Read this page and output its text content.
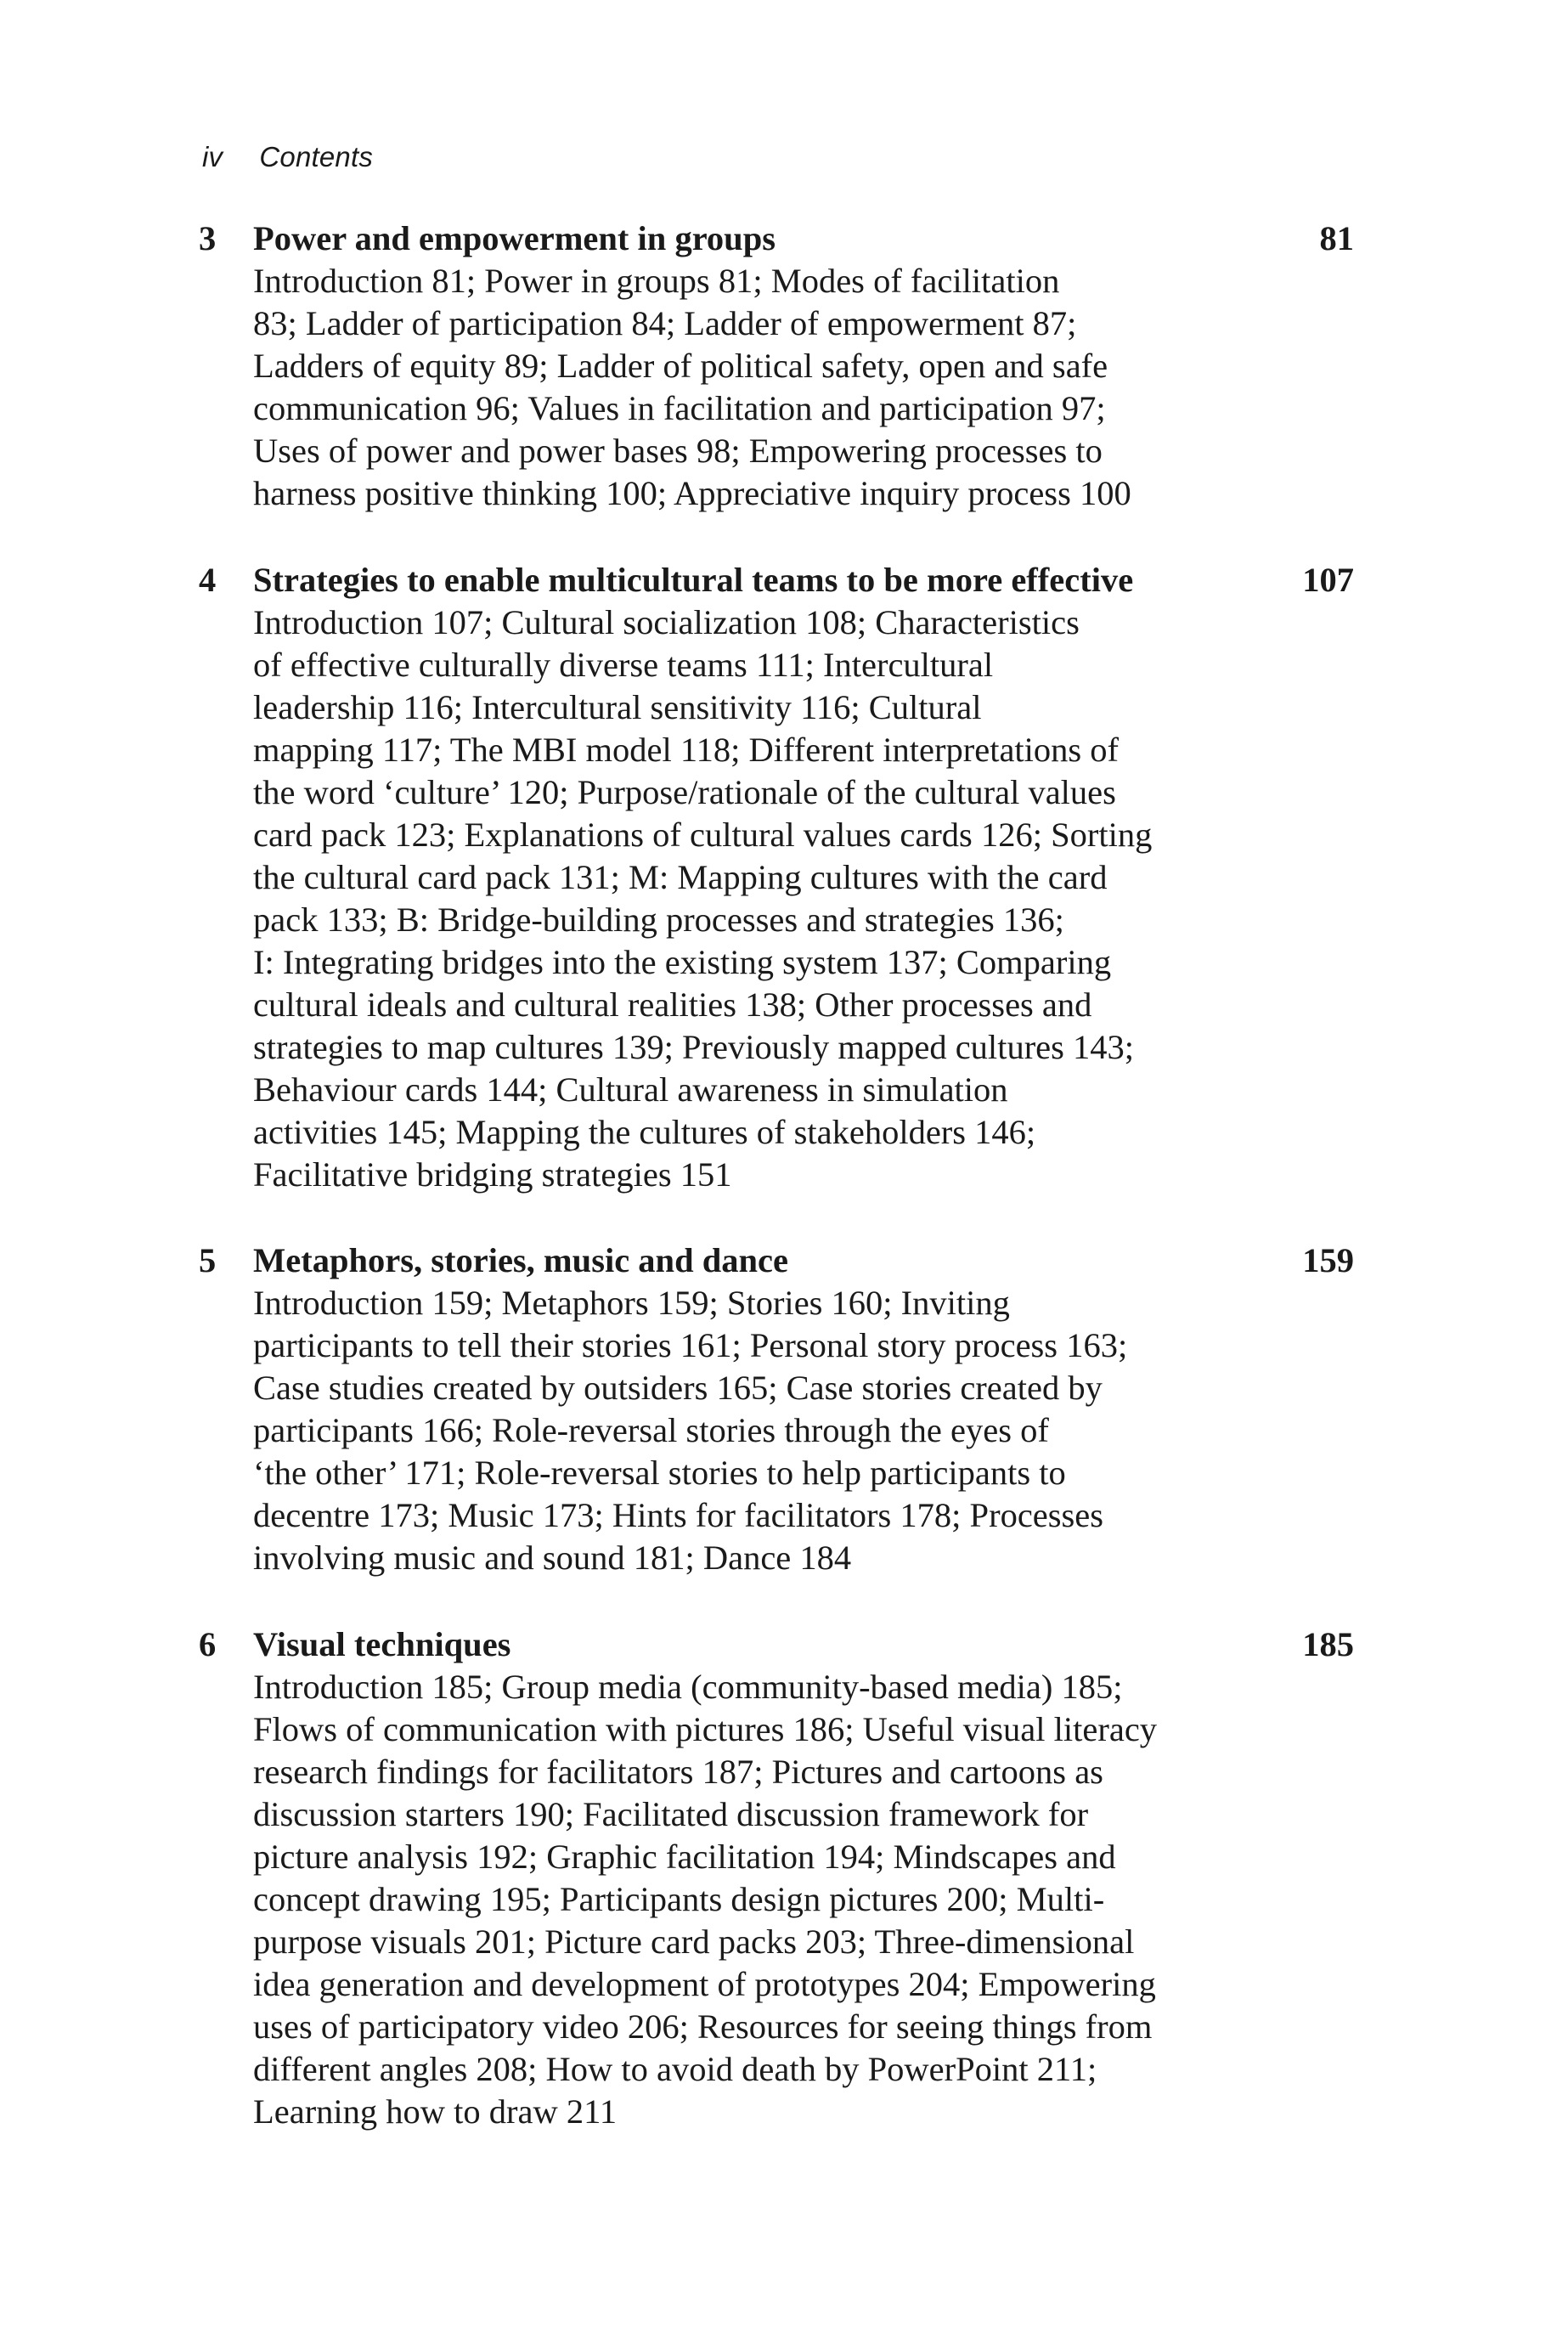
iv Contents
3 Power and empowerment in groups	81
Introduction 81; Power in groups 81; Modes of facilitation
83; Ladder of participation 84; Ladder of empowerment 87;
Ladders of equity 89; Ladder of political safety, open and safe
communication 96; Values in facilitation and participation 97;
Uses of power and power bases 98; Empowering processes to
harness positive thinking 100; Appreciative inquiry process 100
4 Strategies to enable multicultural teams to be more effective	107
Introduction 107; Cultural socialization 108; Characteristics
of effective culturally diverse teams 111; Intercultural
leadership 116; Intercultural sensitivity 116; Cultural
mapping 117; The MBI model 118; Different interpretations of
the word ‘culture’ 120; Purpose/rationale of the cultural values
card pack 123; Explanations of cultural values cards 126; Sorting
the cultural card pack 131; M: Mapping cultures with the card
pack 133; B: Bridge-building processes and strategies 136;
I: Integrating bridges into the existing system 137; Comparing
cultural ideals and cultural realities 138; Other processes and
strategies to map cultures 139; Previously mapped cultures 143;
Behaviour cards 144; Cultural awareness in simulation
activities 145; Mapping the cultures of stakeholders 146;
Facilitative bridging strategies 151
5 Metaphors, stories, music and dance	159
Introduction 159; Metaphors 159; Stories 160; Inviting
participants to tell their stories 161; Personal story process 163;
Case studies created by outsiders 165; Case stories created by
participants 166; Role-reversal stories through the eyes of
‘the other’ 171; Role-reversal stories to help participants to
decentre 173; Music 173; Hints for facilitators 178; Processes
involving music and sound 181; Dance 184
6 Visual techniques	185
Introduction 185; Group media (community-based media) 185;
Flows of communication with pictures 186; Useful visual literacy
research findings for facilitators 187; Pictures and cartoons as
discussion starters 190; Facilitated discussion framework for
picture analysis 192; Graphic facilitation 194; Mindscapes and
concept drawing 195; Participants design pictures 200; Multi-
purpose visuals 201; Picture card packs 203; Three-dimensional
idea generation and development of prototypes 204; Empowering
uses of participatory video 206; Resources for seeing things from
different angles 208; How to avoid death by PowerPoint 211;
Learning how to draw 211
